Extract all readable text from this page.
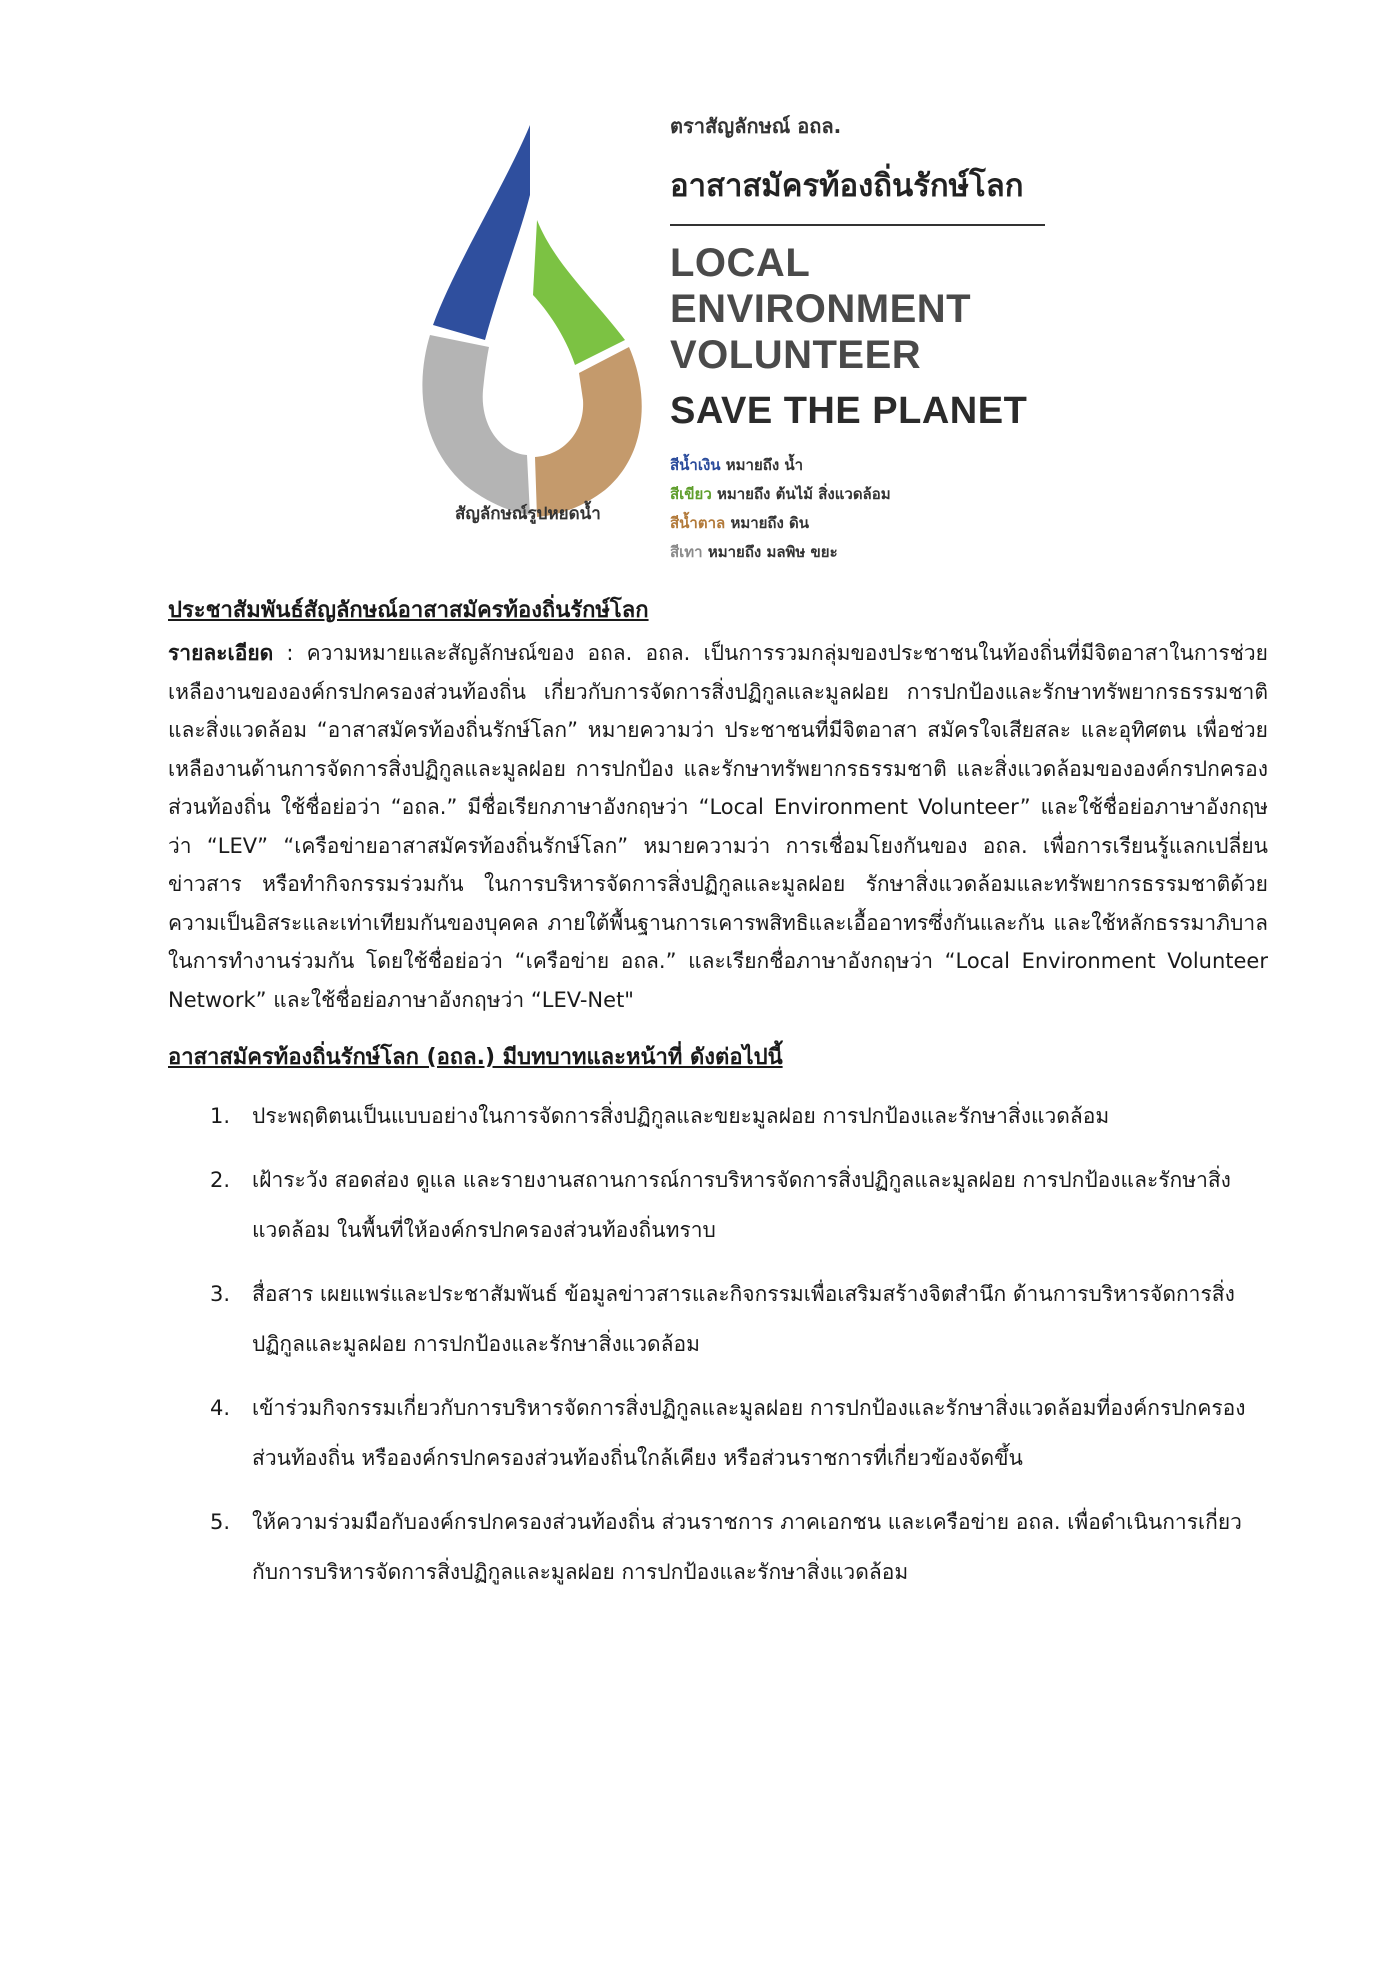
สัญลักษณ์รูปหยดน้ำ
ตราสัญลักษณ์ อถล.
อาสาสมัครท้องถิ่นรักษ์โลก
LOCAL
ENVIRONMENT
VOLUNTEER
SAVE THE PLANET
สีน้ำเงิน หมายถึง น้ำ
สีเขียว หมายถึง ต้นไม้ สิ่งแวดล้อม
สีน้ำตาล หมายถึง ดิน
สีเทา หมายถึง มลพิษ ขยะ

ประชาสัมพันธ์สัญลักษณ์อาสาสมัครท้องถิ่นรักษ์โลก

รายละเอียด : ความหมายและสัญลักษณ์ของ อถล. อถล. เป็นการรวมกลุ่มของประชาชนในท้องถิ่นที่มีจิตอาสาในการช่วยเหลืองานขององค์กรปกครองส่วนท้องถิ่น เกี่ยวกับการจัดการสิ่งปฏิกูลและมูลฝอย การปกป้องและรักษาทรัพยากรธรรมชาติและสิ่งแวดล้อม “อาสาสมัครท้องถิ่นรักษ์โลก” หมายความว่า ประชาชนที่มีจิตอาสา สมัครใจเสียสละ และอุทิศตน เพื่อช่วยเหลืองานด้านการจัดการสิ่งปฏิกูลและมูลฝอย การปกป้อง และรักษาทรัพยากรธรรมชาติ และสิ่งแวดล้อมขององค์กรปกครองส่วนท้องถิ่น ใช้ชื่อย่อว่า “อถล.” มีชื่อเรียกภาษาอังกฤษว่า “Local Environment Volunteer” และใช้ชื่อย่อภาษาอังกฤษว่า “LEV” “เครือข่ายอาสาสมัครท้องถิ่นรักษ์โลก” หมายความว่า การเชื่อมโยงกันของ อถล. เพื่อการเรียนรู้แลกเปลี่ยนข่าวสาร หรือทำกิจกรรมร่วมกัน ในการบริหารจัดการสิ่งปฏิกูลและมูลฝอย รักษาสิ่งแวดล้อมและทรัพยากรธรรมชาติด้วยความเป็นอิสระและเท่าเทียมกันของบุคคล ภายใต้พื้นฐานการเคารพสิทธิและเอื้ออาทรซึ่งกันและกัน และใช้หลักธรรมาภิบาลในการทำงานร่วมกัน โดยใช้ชื่อย่อว่า “เครือข่าย อถล.” และเรียกชื่อภาษาอังกฤษว่า “Local Environment Volunteer Network” และใช้ชื่อย่อภาษาอังกฤษว่า “LEV-Net"

อาสาสมัครท้องถิ่นรักษ์โลก (อถล.) มีบทบาทและหน้าที่ ดังต่อไปนี้

1. ประพฤติตนเป็นแบบอย่างในการจัดการสิ่งปฏิกูลและขยะมูลฝอย การปกป้องและรักษาสิ่งแวดล้อม
2. เฝ้าระวัง สอดส่อง ดูแล และรายงานสถานการณ์การบริหารจัดการสิ่งปฏิกูลและมูลฝอย การปกป้องและรักษาสิ่งแวดล้อม ในพื้นที่ให้องค์กรปกครองส่วนท้องถิ่นทราบ
3. สื่อสาร เผยแพร่และประชาสัมพันธ์ ข้อมูลข่าวสารและกิจกรรมเพื่อเสริมสร้างจิตสำนึก ด้านการบริหารจัดการสิ่งปฏิกูลและมูลฝอย การปกป้องและรักษาสิ่งแวดล้อม
4. เข้าร่วมกิจกรรมเกี่ยวกับการบริหารจัดการสิ่งปฏิกูลและมูลฝอย การปกป้องและรักษาสิ่งแวดล้อมที่องค์กรปกครองส่วนท้องถิ่น หรือองค์กรปกครองส่วนท้องถิ่นใกล้เคียง หรือส่วนราชการที่เกี่ยวข้องจัดขึ้น
5. ให้ความร่วมมือกับองค์กรปกครองส่วนท้องถิ่น ส่วนราชการ ภาคเอกชน และเครือข่าย อถล. เพื่อดำเนินการเกี่ยวกับการบริหารจัดการสิ่งปฏิกูลและมูลฝอย การปกป้องและรักษาสิ่งแวดล้อม
